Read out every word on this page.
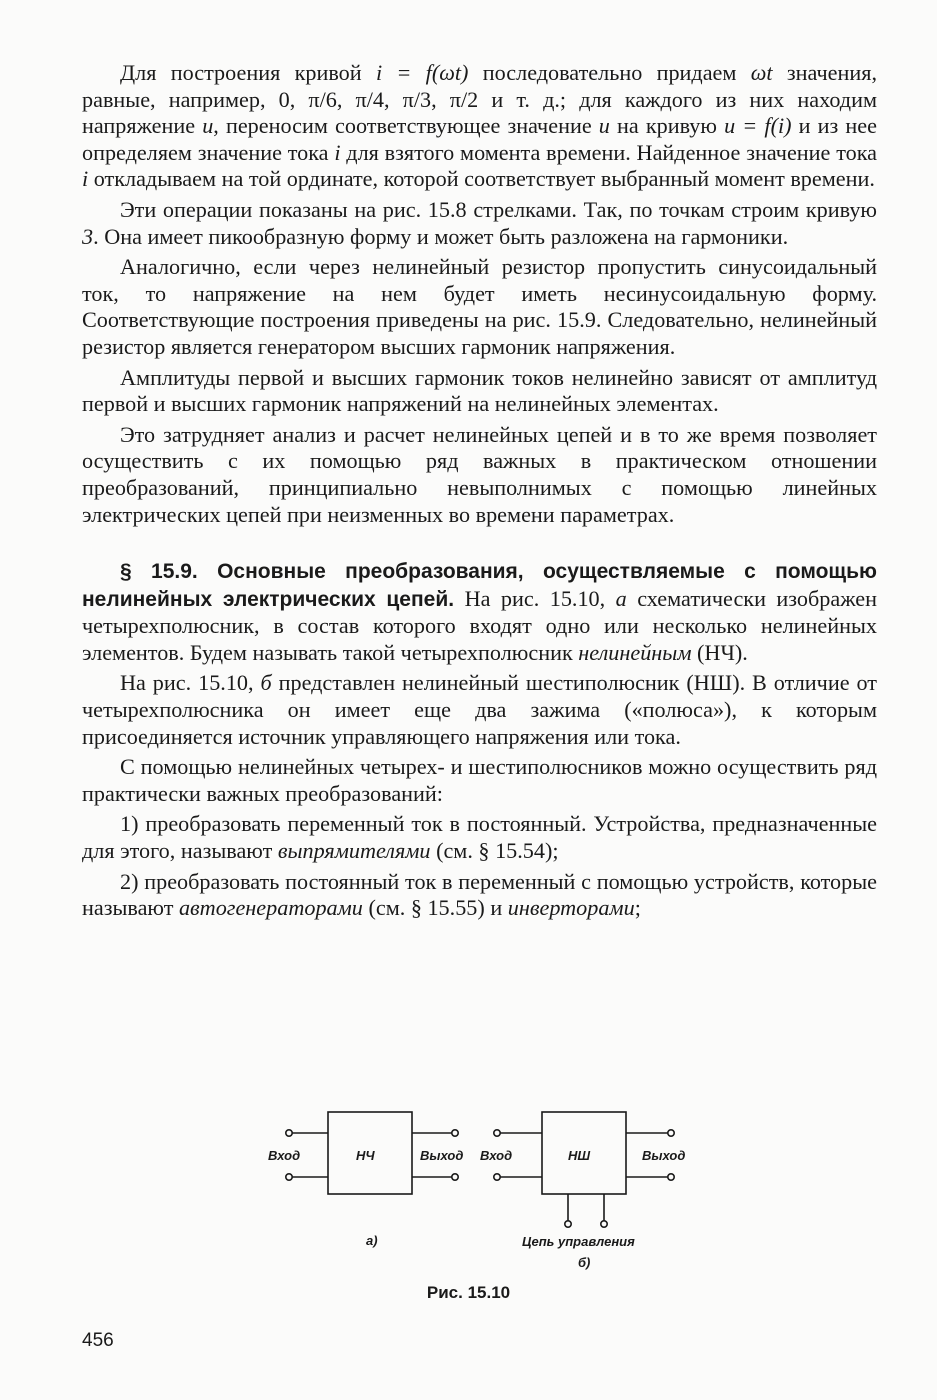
Для построения кривой i = f(ωt) последовательно придаем ωt значения, равные, например, 0, π/6, π/4, π/3, π/2 и т. д.; для каждого из них находим напряжение u, переносим соответствующее значение u на кривую u = f(i) и из нее определяем значение тока i для взятого момента времени. Найденное значение тока i откладываем на той ординате, которой соответствует выбранный момент времени.

Эти операции показаны на рис. 15.8 стрелками. Так, по точкам строим кривую 3. Она имеет пикообразную форму и может быть разложена на гармоники.

Аналогично, если через нелинейный резистор пропустить синусоидальный ток, то напряжение на нем будет иметь несинусоидальную форму. Соответствующие построения приведены на рис. 15.9. Следовательно, нелинейный резистор является генератором высших гармоник напряжения.

Амплитуды первой и высших гармоник токов нелинейно зависят от амплитуд первой и высших гармоник напряжений на нелинейных элементах.

Это затрудняет анализ и расчет нелинейных цепей и в то же время позволяет осуществить с их помощью ряд важных в практическом отношении преобразований, принципиально невыполнимых с помощью линейных электрических цепей при неизменных во времени параметрах.

§ 15.9. Основные преобразования, осуществляемые с помощью нелинейных электрических цепей. На рис. 15.10, а схематически изображен четырехполюсник, в состав которого входят одно или несколько нелинейных элементов. Будем называть такой четырехполюсник нелинейным (НЧ).

На рис. 15.10, б представлен нелинейный шестиполюсник (НШ). В отличие от четырехполюсника он имеет еще два зажима («полюса»), к которым присоединяется источник управляющего напряжения или тока.

С помощью нелинейных четырех- и шестиполюсников можно осуществить ряд практически важных преобразований:

1) преобразовать переменный ток в постоянный. Устройства, предназначенные для этого, называют выпрямителями (см. § 15.54);

2) преобразовать постоянный ток в переменный с помощью устройств, которые называют автогенераторами (см. § 15.55) и инверторами;

Вход	НЧ	Выход
а)
Вход	НШ	Выход
Цепь управления
б)
Рис. 15.10
456
